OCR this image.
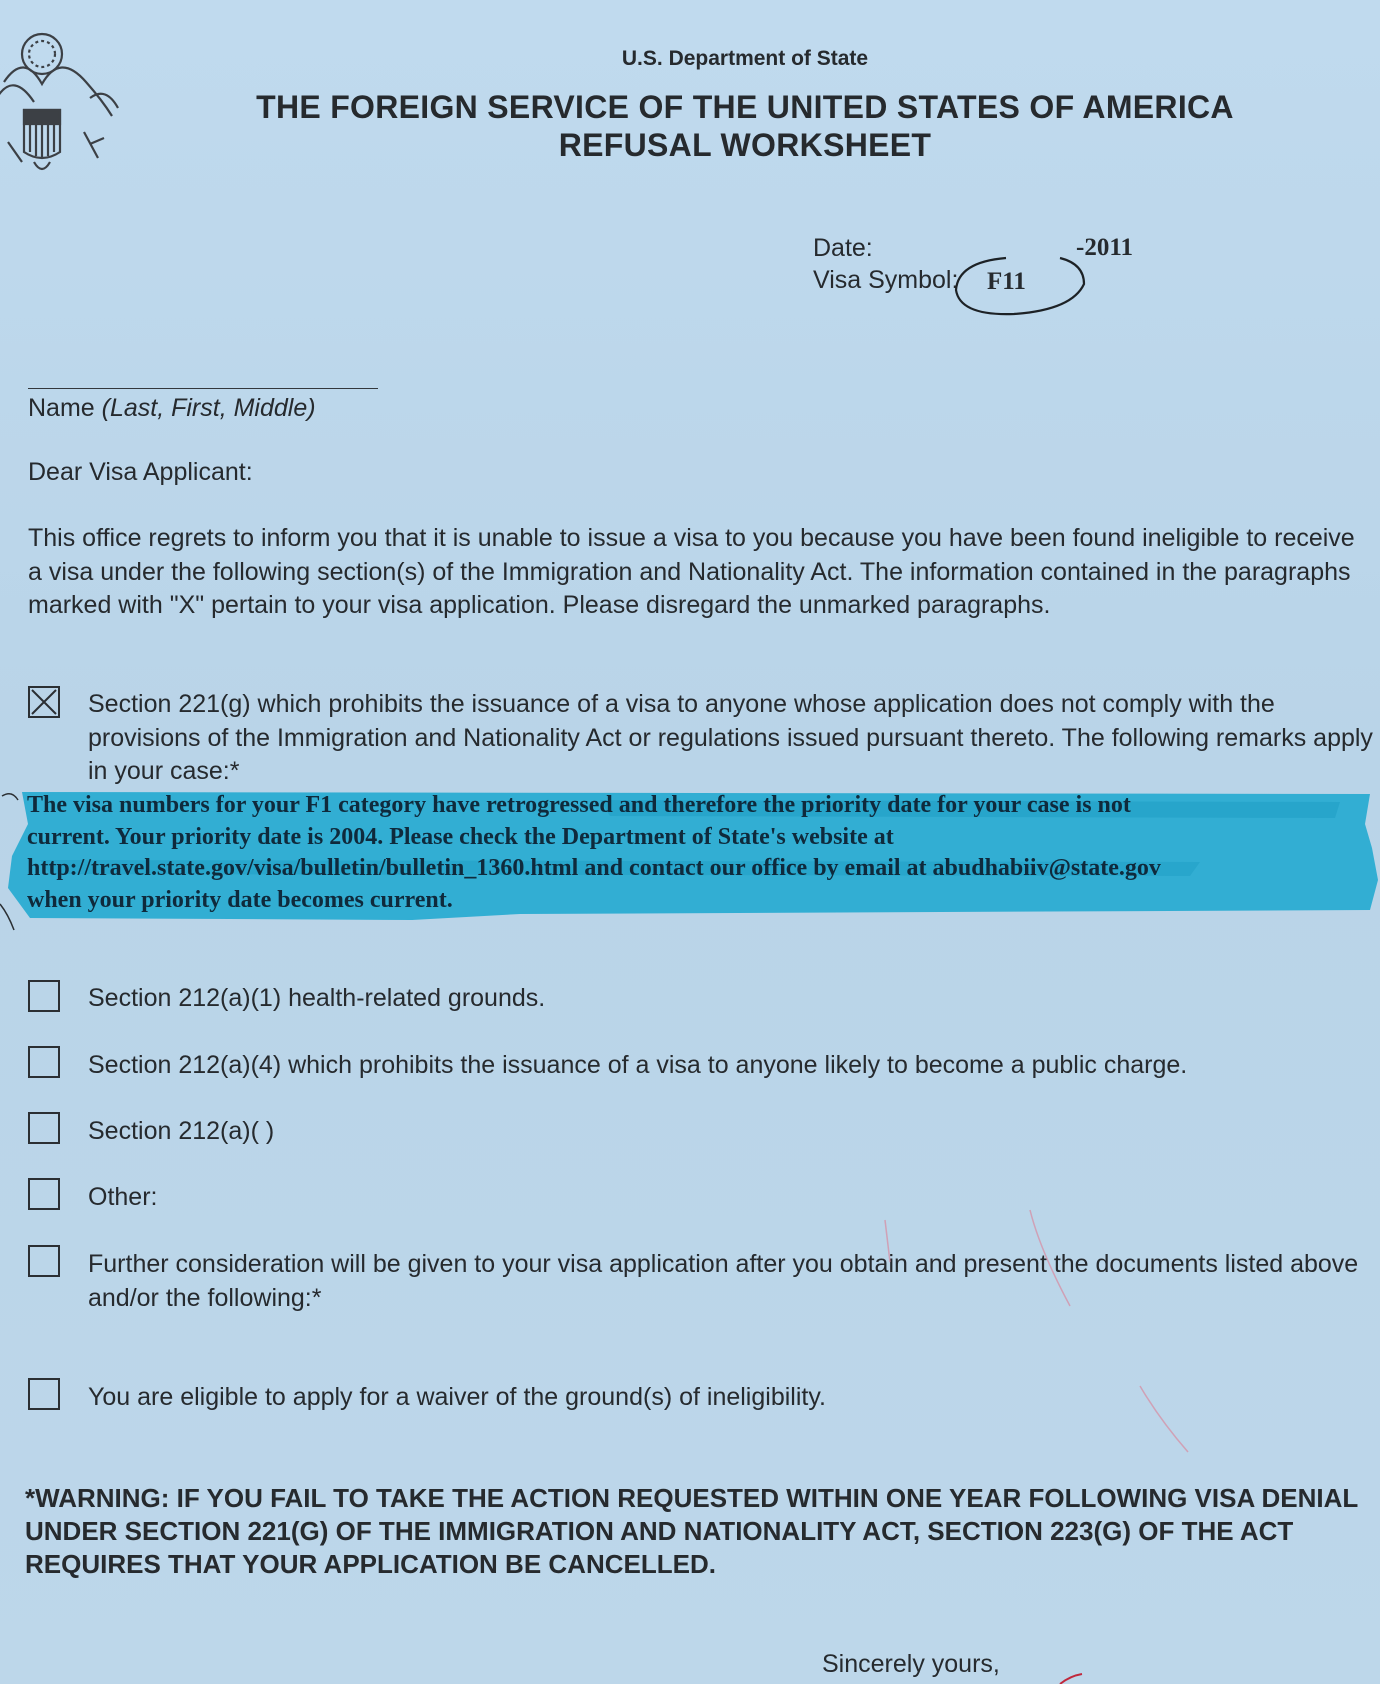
U.S. Department of State
THE FOREIGN SERVICE OF THE UNITED STATES OF AMERICA
REFUSAL WORKSHEET
Date:	-2011
Visa Symbol: F11
Name (Last, First, Middle)
Dear Visa Applicant:
This office regrets to inform you that it is unable to issue a visa to you because you have been found ineligible to receive a visa under the following section(s) of the Immigration and Nationality Act. The information contained in the paragraphs marked with "X" pertain to your visa application. Please disregard the unmarked paragraphs.
Section 221(g) which prohibits the issuance of a visa to anyone whose application does not comply with the provisions of the Immigration and Nationality Act or regulations issued pursuant thereto. The following remarks apply in your case:*
The visa numbers for your F1 category have retrogressed and therefore the priority date for your case is not
current. Your priority date is 2004. Please check the Department of State's website at
http://travel.state.gov/visa/bulletin/bulletin_1360.html and contact our office by email at abudhabiiv@state.gov
when your priority date becomes current.
Section 212(a)(1) health-related grounds.
Section 212(a)(4) which prohibits the issuance of a visa to anyone likely to become a public charge.
Section 212(a)( )
Other:
Further consideration will be given to your visa application after you obtain and present the documents listed above and/or the following:*
You are eligible to apply for a waiver of the ground(s) of ineligibility.
*WARNING: IF YOU FAIL TO TAKE THE ACTION REQUESTED WITHIN ONE YEAR FOLLOWING VISA DENIAL UNDER SECTION 221(G) OF THE IMMIGRATION AND NATIONALITY ACT, SECTION 223(G) OF THE ACT REQUIRES THAT YOUR APPLICATION BE CANCELLED.
Sincerely yours,
